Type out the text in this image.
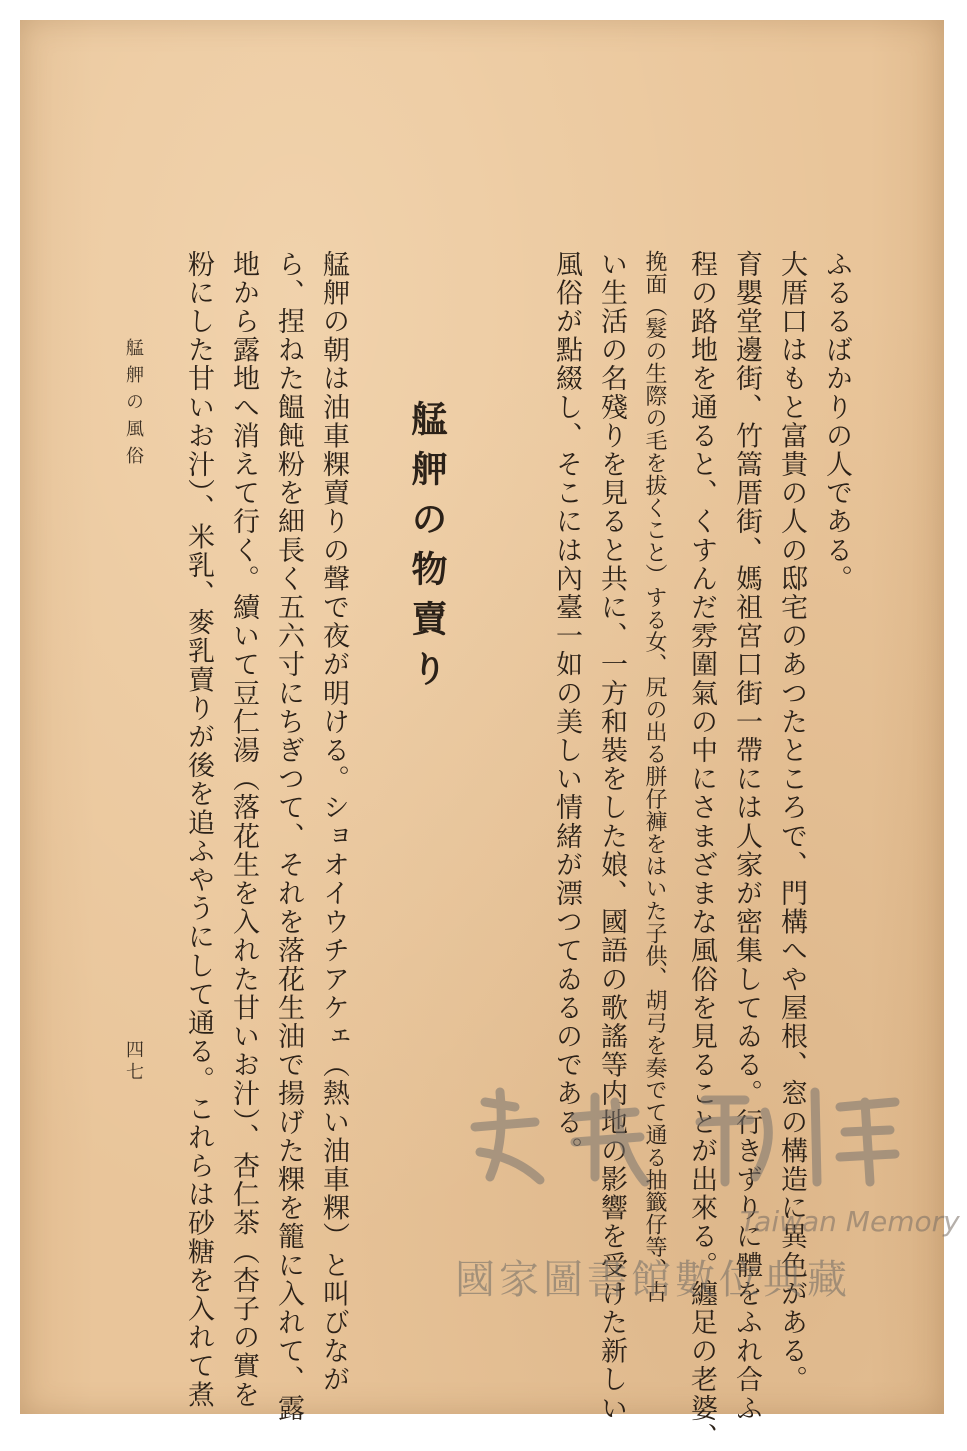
ふるるばかりの人である。
大厝口はもと富貴の人の邸宅のあつたところで、門構へや屋根、窓の構造に異色がある。
育嬰堂邊街、竹篙厝街、媽祖宮口街一帶には人家が密集してゐる。行きずりに體をふれ合ふ
程の路地を通ると、くすんだ雰圍氣の中にさまざまな風俗を見ることが出來る。纏足の老婆、
挽面（髮の生際の毛を拔くこと）する女、尻の出る胼仔褲をはいた子供、胡弓を奏でて通る抽籤仔等、古
い生活の名殘りを見ると共に、一方和裝をした娘、國語の歌謠等内地の影響を受けた新しい
風俗が點綴し、そこには內臺一如の美しい情緒が漂つてゐるのである。
艋舺の物賣り
艋舺の朝は油車粿賣りの聲で夜が明ける。ショオイウチアケェ（熱い油車粿）と叫びなが
ら、捏ねた饂飩粉を細長く五六寸にちぎつて、それを落花生油で揚げた粿を籠に入れて、露
地から露地へ消えて行く。續いて豆仁湯（落花生を入れた甘いお汁）、杏仁茶（杏子の實を
粉にした甘いお汁）、米乳、麥乳賣りが後を追ふやうにして通る。これらは砂糖を入れて煮
艋舺の風俗
四七
Taiwan Memory
國家圖書館數位典藏
